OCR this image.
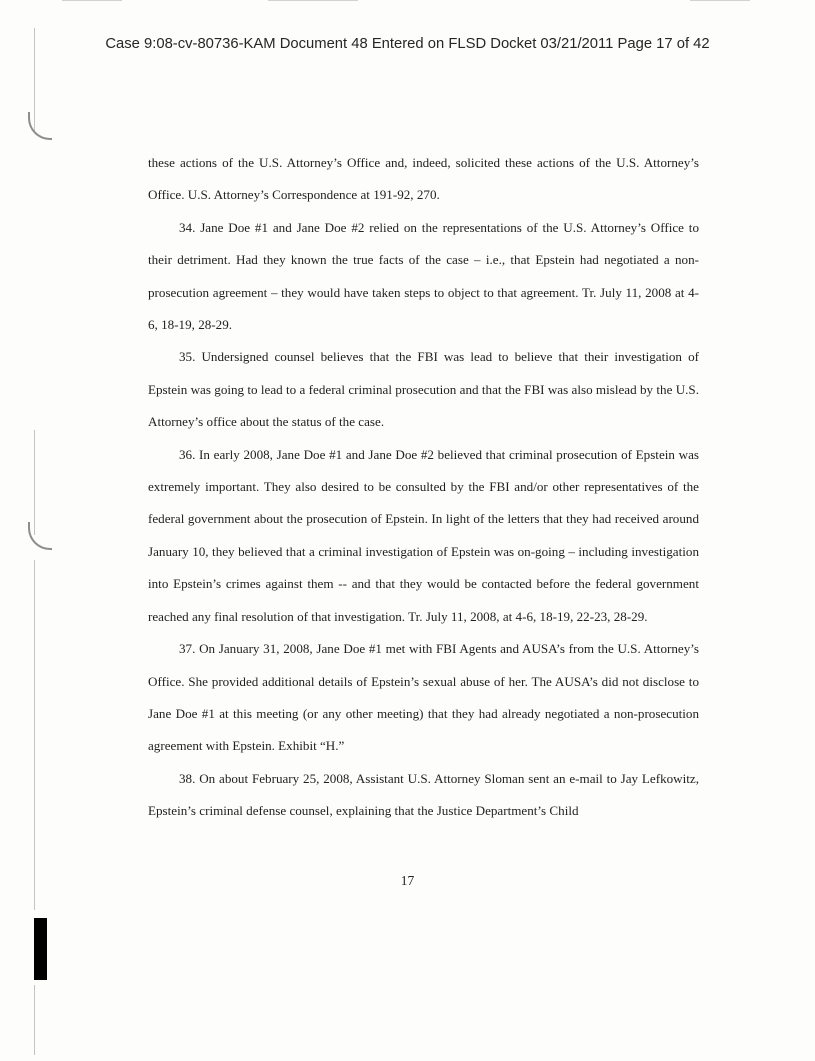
Case 9:08-cv-80736-KAM Document 48 Entered on FLSD Docket 03/21/2011 Page 17 of 42

these actions of the U.S. Attorney’s Office and, indeed, solicited these actions of the U.S. Attorney’s Office. U.S. Attorney’s Correspondence at 191-92, 270.

34. Jane Doe #1 and Jane Doe #2 relied on the representations of the U.S. Attorney’s Office to their detriment. Had they known the true facts of the case – i.e., that Epstein had negotiated a non-prosecution agreement – they would have taken steps to object to that agreement. Tr. July 11, 2008 at 4-6, 18-19, 28-29.

35. Undersigned counsel believes that the FBI was lead to believe that their investigation of Epstein was going to lead to a federal criminal prosecution and that the FBI was also mislead by the U.S. Attorney’s office about the status of the case.

36. In early 2008, Jane Doe #1 and Jane Doe #2 believed that criminal prosecution of Epstein was extremely important. They also desired to be consulted by the FBI and/or other representatives of the federal government about the prosecution of Epstein. In light of the letters that they had received around January 10, they believed that a criminal investigation of Epstein was on-going – including investigation into Epstein’s crimes against them -- and that they would be contacted before the federal government reached any final resolution of that investigation. Tr. July 11, 2008, at 4-6, 18-19, 22-23, 28-29.

37. On January 31, 2008, Jane Doe #1 met with FBI Agents and AUSA’s from the U.S. Attorney’s Office. She provided additional details of Epstein’s sexual abuse of her. The AUSA’s did not disclose to Jane Doe #1 at this meeting (or any other meeting) that they had already negotiated a non-prosecution agreement with Epstein. Exhibit “H.”

38. On about February 25, 2008, Assistant U.S. Attorney Sloman sent an e-mail to Jay Lefkowitz, Epstein’s criminal defense counsel, explaining that the Justice Department’s Child

17
